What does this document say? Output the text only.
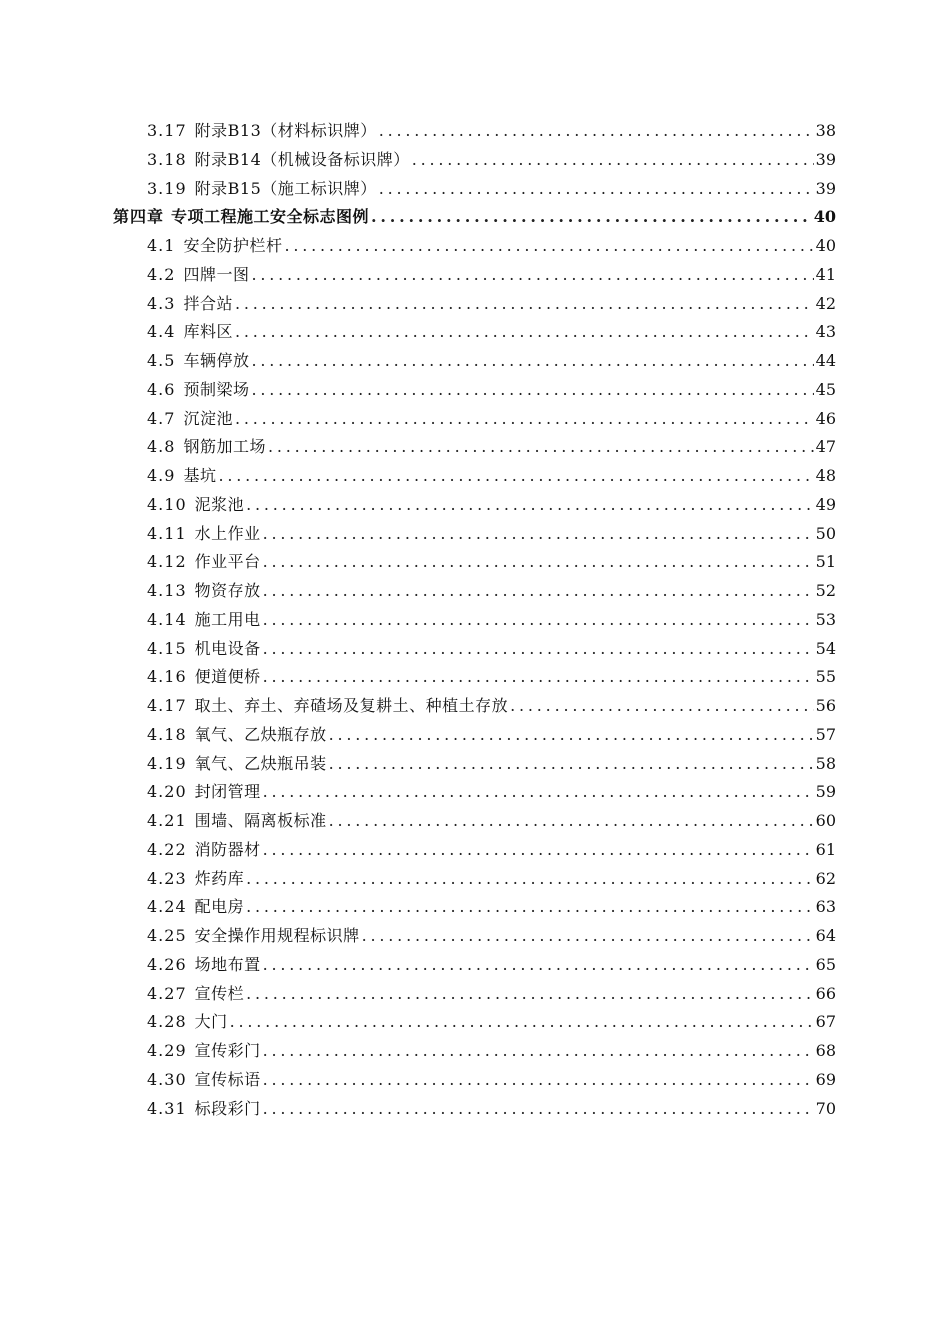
3.17 附录B13（材料标识牌） .....	38
3.18 附录B14（机械设备标识牌） .....	39
3.19 附录B15（施工标识牌） .....	39
第四章 专项工程施工安全标志图例 .....	40
4.1 安全防护栏杆 .....	40
4.2 四牌一图 .....	41
4.3 拌合站 .....	42
4.4 库料区 .....	43
4.5 车辆停放 .....	44
4.6 预制梁场 .....	45
4.7 沉淀池 .....	46
4.8 钢筋加工场 .....	47
4.9 基坑 .....	48
4.10 泥浆池 .....	49
4.11 水上作业 .....	50
4.12 作业平台 .....	51
4.13 物资存放 .....	52
4.14 施工用电 .....	53
4.15 机电设备 .....	54
4.16 便道便桥 .....	55
4.17 取土、弃土、弃碴场及复耕土、种植土存放 .....	56
4.18 氧气、乙炔瓶存放 .....	57
4.19 氧气、乙炔瓶吊装 .....	58
4.20 封闭管理 .....	59
4.21 围墙、隔离板标准 .....	60
4.22 消防器材 .....	61
4.23 炸药库 .....	62
4.24 配电房 .....	63
4.25 安全操作用规程标识牌 .....	64
4.26 场地布置 .....	65
4.27 宣传栏 .....	66
4.28 大门 .....	67
4.29 宣传彩门 .....	68
4.30 宣传标语 .....	69
4.31 标段彩门 .....	70
